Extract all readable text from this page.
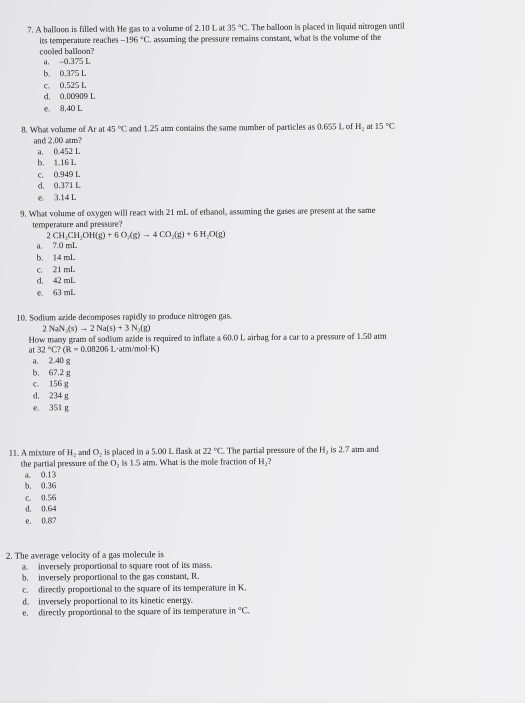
7. A balloon is filled with He gas to a volume of 2.10 L at 35 °C. The balloon is placed in liquid nitrogen until

its temperature reaches –196 °C. assuming the pressure remains constant, what is the volume of the

cooled balloon?

a. –0.375 L
b. 0.375 L
c. 0.525 L
d. 0.00909 L
e. 8.40 L

8. What volume of Ar at 45 °C and 1.25 atm contains the same number of particles as 0.655 L of H₂ at 15 °C

and 2.00 atm?

a. 0.452 L
b. 1.16 L
c. 0.949 L
d. 0.371 L
e. 3.14 L

9. What volume of oxygen will react with 21 mL of ethanol, assuming the gases are present at the same

temperature and pressure?

2 CH₃CH₂OH(g) + 6 O₂(g) → 4 CO₂(g) + 6 H₂O(g)

a. 7.0 mL
b. 14 mL
c. 21 mL
d. 42 mL
e. 63 mL

10. Sodium azide decomposes rapidly to produce nitrogen gas.

2 NaN₃(s) → 2 Na(s) + 3 N₂(g)

How many gram of sodium azide is required to inflate a 60.0 L airbag for a car to a pressure of 1.50 atm

at 32 °C? (R = 0.08206 L·atm/mol·K)

a. 2.40 g
b. 67.2 g
c. 156 g
d. 234 g
e. 351 g

11. A mixture of H₂ and O₂ is placed in a 5.00 L flask at 22 °C. The partial pressure of the H₂ is 2.7 atm and

the partial pressure of the O₂ is 1.5 atm. What is the mole fraction of H₂?

a. 0.13
b. 0.36
c. 0.56
d. 0.64
e. 0.87

2. The average velocity of a gas molecule is

a. inversely proportional to square root of its mass.
b. inversely proportional to the gas constant, R.
c. directly proportional to the square of its temperature in K.
d. inversely proportional to its kinetic energy.
e. directly proportional to the square of its temperature in °C.
